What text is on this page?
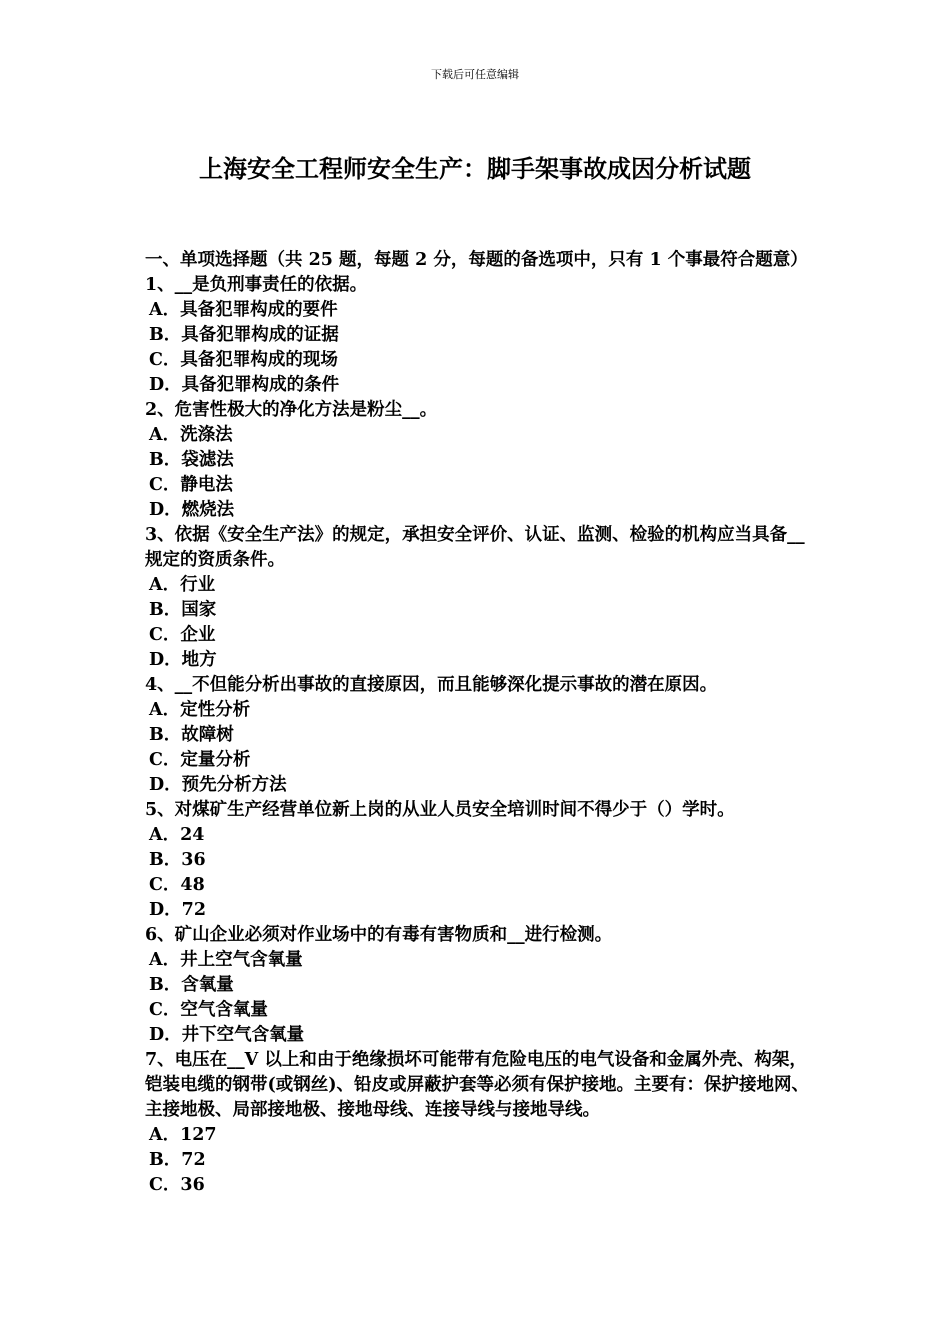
下载后可任意编辑
上海安全工程师安全生产：脚手架事故成因分析试题
一、单项选择题（共 25 题，每题 2 分，每题的备选项中，只有 1 个事最符合题意）
1、__是负刑事责任的依据。
A．具备犯罪构成的要件
B．具备犯罪构成的证据
C．具备犯罪构成的现场
D．具备犯罪构成的条件
2、危害性极大的净化方法是粉尘__。
A．洗涤法
B．袋滤法
C．静电法
D．燃烧法
3、依据《安全生产法》的规定，承担安全评价、认证、监测、检验的机构应当具备__规定的资质条件。
A．行业
B．国家
C．企业
D．地方
4、__不但能分析出事故的直接原因，而且能够深化提示事故的潜在原因。
A．定性分析
B．故障树
C．定量分析
D．预先分析方法
5、对煤矿生产经营单位新上岗的从业人员安全培训时间不得少于（）学时。
A．24
B．36
C．48
D．72
6、矿山企业必须对作业场中的有毒有害物质和__进行检测。
A．井上空气含氧量
B．含氧量
C．空气含氧量
D．井下空气含氧量
7、电压在__V 以上和由于绝缘损坏可能带有危险电压的电气设备和金属外壳、构架，铠装电缆的钢带(或钢丝)、铅皮或屏蔽护套等必须有保护接地。主要有：保护接地网、主接地极、局部接地极、接地母线、连接导线与接地导线。
A．127
B．72
C．36
